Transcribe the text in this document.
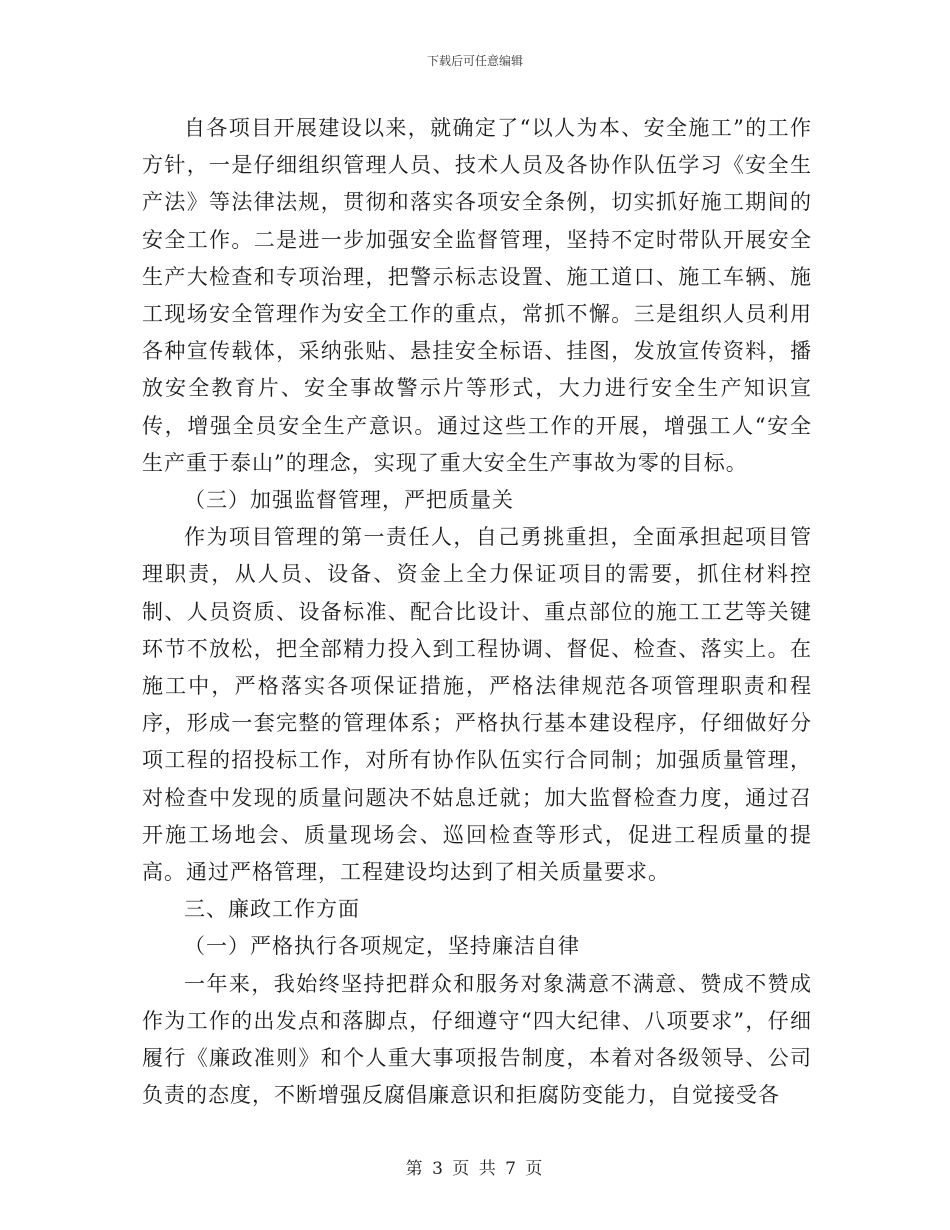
下载后可任意编辑

自各项目开展建设以来，就确定了“以人为本、安全施工”的工作方针，一是仔细组织管理人员、技术人员及各协作队伍学习《安全生产法》等法律法规，贯彻和落实各项安全条例，切实抓好施工期间的安全工作。二是进一步加强安全监督管理，坚持不定时带队开展安全生产大检查和专项治理，把警示标志设置、施工道口、施工车辆、施工现场安全管理作为安全工作的重点，常抓不懈。三是组织人员利用各种宣传载体，采纳张贴、悬挂安全标语、挂图，发放宣传资料，播放安全教育片、安全事故警示片等形式，大力进行安全生产知识宣传，增强全员安全生产意识。通过这些工作的开展，增强工人“安全生产重于泰山”的理念，实现了重大安全生产事故为零的目标。

（三）加强监督管理，严把质量关

作为项目管理的第一责任人，自己勇挑重担，全面承担起项目管理职责，从人员、设备、资金上全力保证项目的需要，抓住材料控制、人员资质、设备标准、配合比设计、重点部位的施工工艺等关键环节不放松，把全部精力投入到工程协调、督促、检查、落实上。在施工中，严格落实各项保证措施，严格法律规范各项管理职责和程序，形成一套完整的管理体系；严格执行基本建设程序，仔细做好分项工程的招投标工作，对所有协作队伍实行合同制；加强质量管理，对检查中发现的质量问题决不姑息迁就；加大监督检查力度，通过召开施工场地会、质量现场会、巡回检查等形式，促进工程质量的提高。通过严格管理，工程建设均达到了相关质量要求。

三、廉政工作方面

（一）严格执行各项规定，坚持廉洁自律

一年来，我始终坚持把群众和服务对象满意不满意、赞成不赞成作为工作的出发点和落脚点，仔细遵守“四大纪律、八项要求”，仔细履行《廉政准则》和个人重大事项报告制度，本着对各级领导、公司负责的态度，不断增强反腐倡廉意识和拒腐防变能力，自觉接受各

第 3 页 共 7 页
